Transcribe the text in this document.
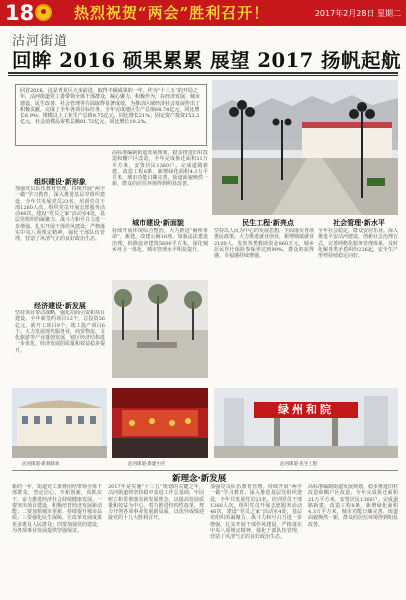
18	热烈祝贺“两会”胜利召开！	2017年2月28日 星期二
沽河街道
回眸 2016 硕果累累 展望 2017 扬帆起航
回首2016，这是青龙区大步前进、取得丰硕成果的一年。作为“十三五”的开局之年，沽河街道党工委带领全体干部群众，凝心聚力，积极作为，在经济发展、城市建设、民生改善、社会管理等方面取得显著成效，为推动区域经济社会发展作出了积极贡献，完成了全年各项目标任务。全年完成地区生产总值64.74亿元，同比增长6.9%；规模以上工业生产总值8.75亿元，同比增长21%；固定资产投资153.2亿元，社会消费品零售总额81.72亿元，同比增长10.2%。
组织建设·新形象
加强党员队伍教育管理。持续开展“两学一做”学习教育，深入推进基层党组织建设，全年共发展党员23名，培训党员干部1260人次，组织党员开展志愿服务活动46次，建设“党员之家”活动室4处，基层党组织的凝聚力、战斗力和号召力进一步增强。扎实开展干部作风建设，严格落实中央八项规定精神，强化干部队伍管理，营造了风清气正的良好政治生态。
经济建设·新发展
坚持项目带动战略，强化招商引资和项目建设。全年新签约项目12个，总投资56亿元，新开工项目9个，竣工投产项目6个。大力发展现代服务业，商贸物流、文化旅游等产业蓬勃发展，辖区经济结构进一步优化，经济发展的质量和效益稳步提升。
高标准编制街道发展规划，稳步推进旧村改造和棚户区改造，全年完成拆迁面积21万平方米，安置居民1360户。完成道路新建、改造工程8条，新增绿化面积4.3万平方米，城市功能日臻完善，街道面貌焕然一新，群众的居住环境得到明显改善。
城市建设·新面貌
持续开展环境综合整治，大力推进“厕所革命”，新建、改建公厕16座。加强违法建设治理，拆除违章建筑5600平方米。深化城乡环卫一体化，城市管理水平明显提升。
民生工程·新亮点
坚持以人民为中心的发展思想，全面落实各项惠民政策。大力推进就业创业，新增城镇就业2100人，发放各类救助资金860万元，城乡居民医疗保险参保率达到99%，群众的获得感、幸福感持续增强。
社会管理·新水平
全年社会稳定，群众安居乐业。深入推进平安沽河建设，创新社会治理方式，完善网格化服务管理体系，及时化解各类矛盾纠纷236起，安全生产形势持续稳定向好。
沽河街道·新春联欢	沽河街道·新建小区
绿州和院
沽河街道·民生工程
新理念·新发展
新的一年，街道党工委将团结带领全体干部群众，坚定信心，开拓创新，真抓实干，奋力推进经济社会持续健康发展。一要突出项目建设，积极培育经济发展新动能；二要加快城市更新，持续提升城市品质；三要强化民生保障，让改革发展成果更多惠及人民群众；四要加强党的建设，为各项事业发展提供坚强保证。
2017年是实施“十三五”规划的关键之年，沽河街道将坚持稳中求进工作总基调，牢固树立和贯彻落实新发展理念，以提高发展质量和效益为中心，着力推进结构性改革，努力开创各项事业发展新局面，以优异成绩迎接党的十九大胜利召开。
加强党员队伍教育管理。持续开展“两学一做”学习教育，深入推进基层党组织建设，全年共发展党员23名，培训党员干部1260人次，组织党员开展志愿服务活动46次，建设“党员之家”活动室4处，基层党组织的凝聚力、战斗力和号召力进一步增强。扎实开展干部作风建设，严格落实中央八项规定精神，强化干部队伍管理，营造了风清气正的良好政治生态。
高标准编制街道发展规划，稳步推进旧村改造和棚户区改造，全年完成拆迁面积21万平方米，安置居民1360户。完成道路新建、改造工程8条，新增绿化面积4.3万平方米，城市功能日臻完善，街道面貌焕然一新，群众的居住环境得到明显改善。
